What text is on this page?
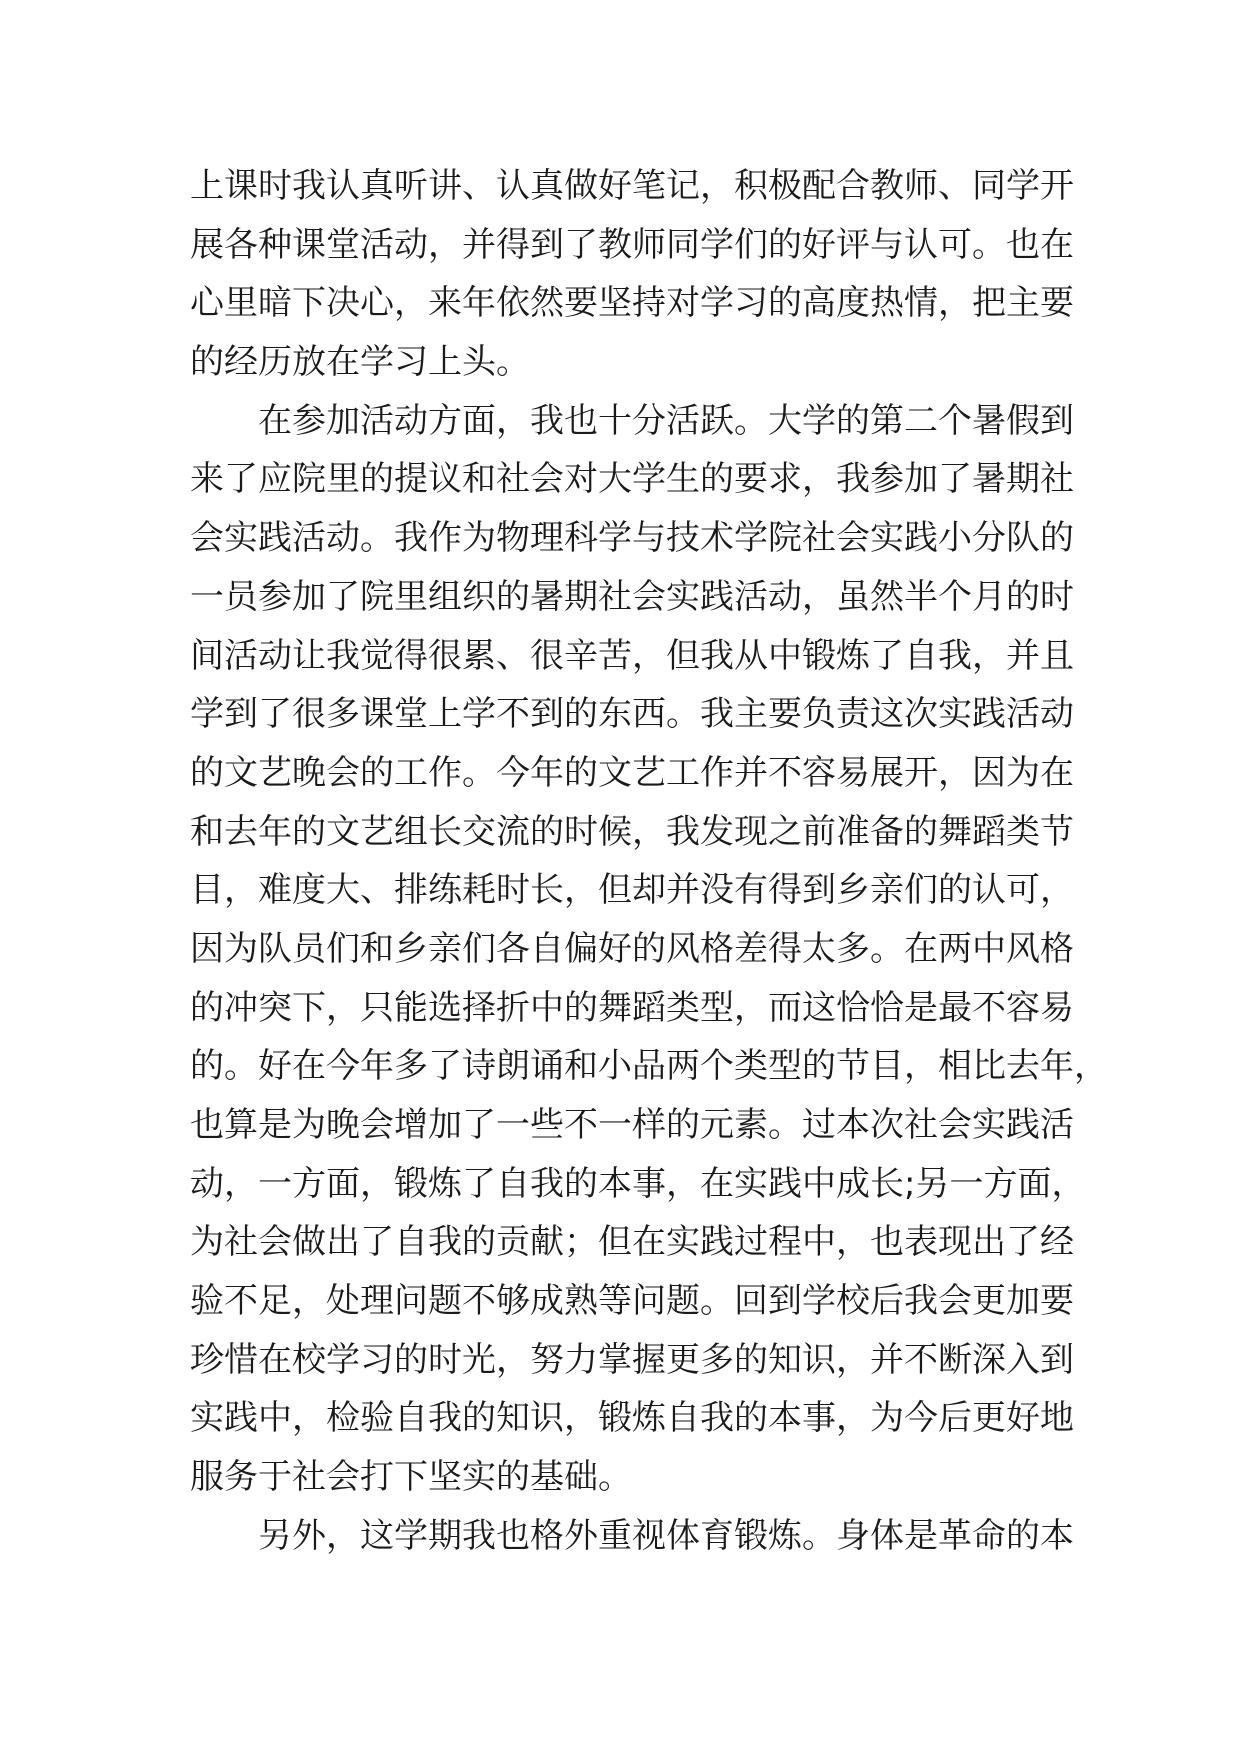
上课时我认真听讲、认真做好笔记，积极配合教师、同学开
展各种课堂活动，并得到了教师同学们的好评与认可。也在
心里暗下决心，来年依然要坚持对学习的高度热情，把主要
的经历放在学习上头。
在参加活动方面，我也十分活跃。大学的第二个暑假到
来了应院里的提议和社会对大学生的要求，我参加了暑期社
会实践活动。我作为物理科学与技术学院社会实践小分队的
一员参加了院里组织的暑期社会实践活动，虽然半个月的时
间活动让我觉得很累、很辛苦，但我从中锻炼了自我，并且
学到了很多课堂上学不到的东西。我主要负责这次实践活动
的文艺晚会的工作。今年的文艺工作并不容易展开，因为在
和去年的文艺组长交流的时候，我发现之前准备的舞蹈类节
目，难度大、排练耗时长，但却并没有得到乡亲们的认可，
因为队员们和乡亲们各自偏好的风格差得太多。在两中风格
的冲突下，只能选择折中的舞蹈类型，而这恰恰是最不容易
的。好在今年多了诗朗诵和小品两个类型的节目，相比去年，
也算是为晚会增加了一些不一样的元素。过本次社会实践活
动，一方面，锻炼了自我的本事，在实践中成长;另一方面，
为社会做出了自我的贡献；但在实践过程中，也表现出了经
验不足，处理问题不够成熟等问题。回到学校后我会更加要
珍惜在校学习的时光，努力掌握更多的知识，并不断深入到
实践中，检验自我的知识，锻炼自我的本事，为今后更好地
服务于社会打下坚实的基础。
另外，这学期我也格外重视体育锻炼。身体是革命的本
